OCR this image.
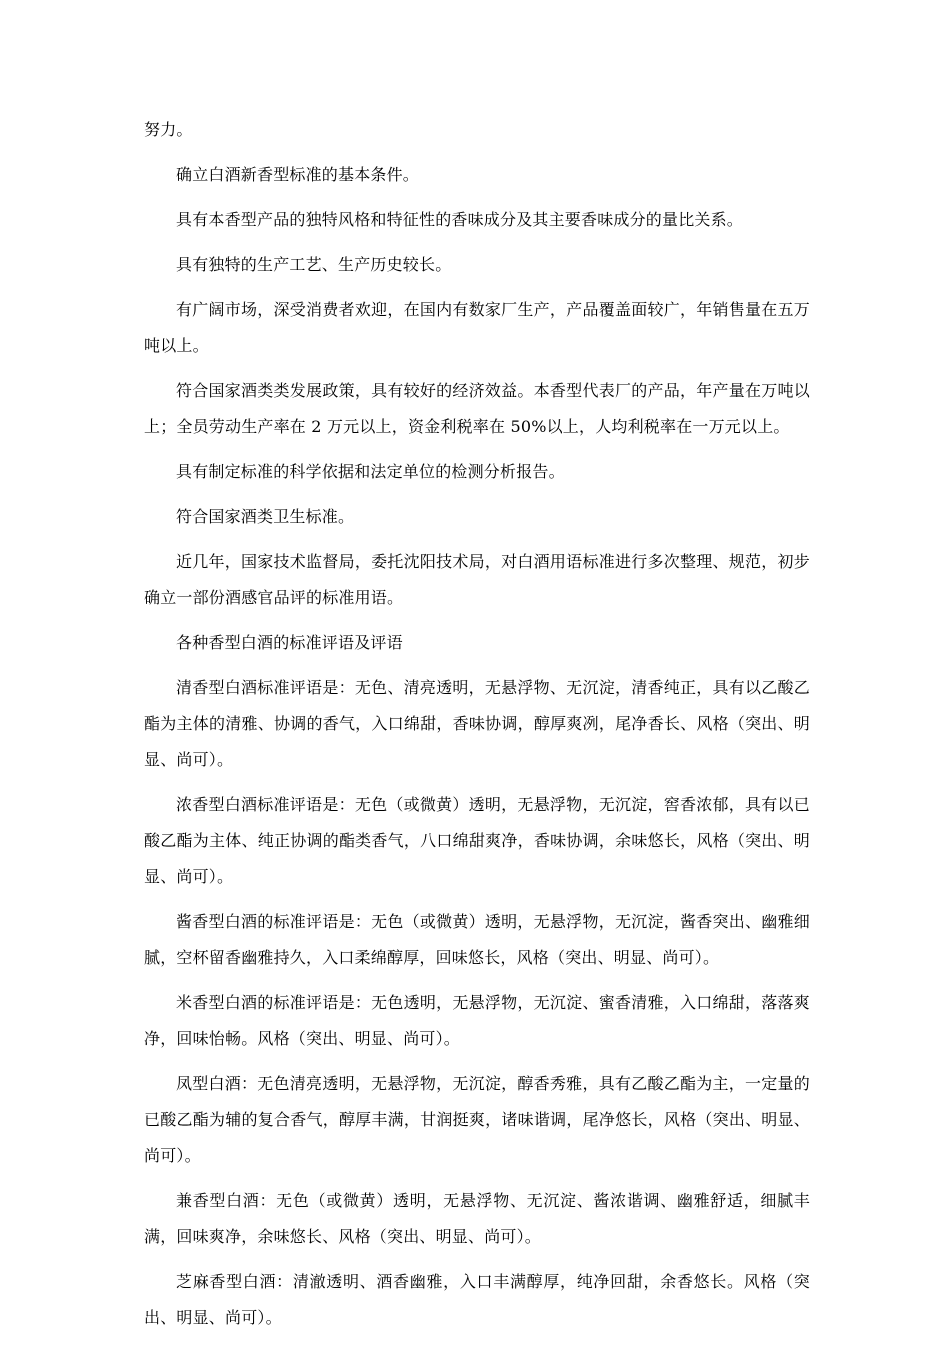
努力。

确立白酒新香型标准的基本条件。

具有本香型产品的独特风格和特征性的香味成分及其主要香味成分的量比关系。

具有独特的生产工艺、生产历史较长。

有广阔市场，深受消费者欢迎，在国内有数家厂生产，产品覆盖面较广，年销售量在五万吨以上。

符合国家酒类类发展政策，具有较好的经济效益。本香型代表厂的产品，年产量在万吨以上；全员劳动生产率在 2 万元以上，资金利税率在 50%以上，人均利税率在一万元以上。

具有制定标准的科学依据和法定单位的检测分析报告。

符合国家酒类卫生标准。

近几年，国家技术监督局，委托沈阳技术局，对白酒用语标准进行多次整理、规范，初步确立一部份酒感官品评的标准用语。

各种香型白酒的标准评语及评语

清香型白酒标准评语是：无色、清亮透明，无悬浮物、无沉淀，清香纯正，具有以乙酸乙酯为主体的清雅、协调的香气，入口绵甜，香味协调，醇厚爽冽，尾净香长、风格（突出、明显、尚可）。

浓香型白酒标准评语是：无色（或微黄）透明，无悬浮物，无沉淀，窖香浓郁，具有以已酸乙酯为主体、纯正协调的酯类香气，八口绵甜爽净，香味协调，余味悠长，风格（突出、明显、尚可）。

酱香型白酒的标准评语是：无色（或微黄）透明，无悬浮物，无沉淀，酱香突出、幽雅细腻，空杯留香幽雅持久，入口柔绵醇厚，回味悠长，风格（突出、明显、尚可）。

米香型白酒的标准评语是：无色透明，无悬浮物，无沉淀、蜜香清雅，入口绵甜，落落爽净，回味怡畅。风格（突出、明显、尚可）。

凤型白酒：无色清亮透明，无悬浮物，无沉淀，醇香秀雅，具有乙酸乙酯为主，一定量的已酸乙酯为辅的复合香气，醇厚丰满，甘润挺爽，诸味谐调，尾净悠长，风格（突出、明显、尚可）。

兼香型白酒：无色（或微黄）透明，无悬浮物、无沉淀、酱浓谐调、幽雅舒适，细腻丰满，回味爽净，余味悠长、风格（突出、明显、尚可）。

芝麻香型白酒：清澈透明、酒香幽雅，入口丰满醇厚，纯净回甜，余香悠长。风格（突出、明显、尚可）。
